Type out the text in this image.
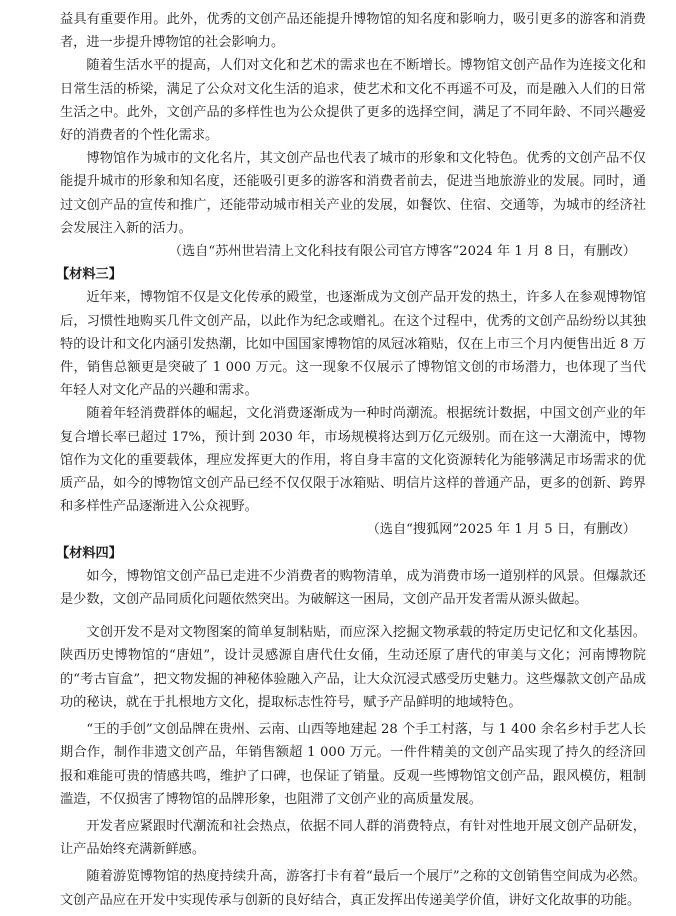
益具有重要作用。此外，优秀的文创产品还能提升博物馆的知名度和影响力，吸引更多的游客和消费者，进一步提升博物馆的社会影响力。

随着生活水平的提高，人们对文化和艺术的需求也在不断增长。博物馆文创产品作为连接文化和日常生活的桥梁，满足了公众对文化生活的追求，使艺术和文化不再遥不可及，而是融入人们的日常生活之中。此外，文创产品的多样性也为公众提供了更多的选择空间，满足了不同年龄、不同兴趣爱好的消费者的个性化需求。

博物馆作为城市的文化名片，其文创产品也代表了城市的形象和文化特色。优秀的文创产品不仅能提升城市的形象和知名度，还能吸引更多的游客和消费者前去，促进当地旅游业的发展。同时，通过文创产品的宣传和推广，还能带动城市相关产业的发展，如餐饮、住宿、交通等，为城市的经济社会发展注入新的活力。

（选自“苏州世岩清上文化科技有限公司官方博客”2024 年 1 月 8 日，有删改）

【材料三】

近年来，博物馆不仅是文化传承的殿堂，也逐渐成为文创产品开发的热土，许多人在参观博物馆后，习惯性地购买几件文创产品，以此作为纪念或赠礼。在这个过程中，优秀的文创产品纷纷以其独特的设计和文化内涵引发热潮，比如中国国家博物馆的凤冠冰箱贴，仅在上市三个月内便售出近 8 万件，销售总额更是突破了 1 000 万元。这一现象不仅展示了博物馆文创的市场潜力，也体现了当代年轻人对文化产品的兴趣和需求。

随着年轻消费群体的崛起，文化消费逐渐成为一种时尚潮流。根据统计数据，中国文创产业的年复合增长率已超过 17%，预计到 2030 年，市场规模将达到万亿元级别。而在这一大潮流中，博物馆作为文化的重要载体，理应发挥更大的作用，将自身丰富的文化资源转化为能够满足市场需求的优质产品，如今的博物馆文创产品已经不仅仅限于冰箱贴、明信片这样的普通产品，更多的创新、跨界和多样性产品逐渐进入公众视野。

（选自“搜狐网”2025 年 1 月 5 日，有删改）

【材料四】

如今，博物馆文创产品已走进不少消费者的购物清单，成为消费市场一道别样的风景。但爆款还是少数，文创产品同质化问题依然突出。为破解这一困局，文创产品开发者需从源头做起。

文创开发不是对文物图案的简单复制粘贴，而应深入挖掘文物承载的特定历史记忆和文化基因。陕西历史博物馆的“唐妞”，设计灵感源自唐代仕女俑，生动还原了唐代的审美与文化；河南博物院的“考古盲盒”，把文物发掘的神秘体验融入产品，让大众沉浸式感受历史魅力。这些爆款文创产品成功的秘诀，就在于扎根地方文化，提取标志性符号，赋予产品鲜明的地域特色。

“王的手创”文创品牌在贵州、云南、山西等地建起 28 个手工村落，与 1 400 余名乡村手艺人长期合作，制作非遗文创产品，年销售额超 1 000 万元。一件件精美的文创产品实现了持久的经济回报和难能可贵的情感共鸣，维护了口碑，也保证了销量。反观一些博物馆文创产品，跟风模仿，粗制滥造，不仅损害了博物馆的品牌形象，也阻滞了文创产业的高质量发展。

开发者应紧跟时代潮流和社会热点，依据不同人群的消费特点，有针对性地开展文创产品研发，让产品始终充满新鲜感。

随着游览博物馆的热度持续升高，游客打卡有着“最后一个展厅”之称的文创销售空间成为必然。文创产品应在开发中实现传承与创新的良好结合，真正发挥出传递美学价值，讲好文化故事的功能。
